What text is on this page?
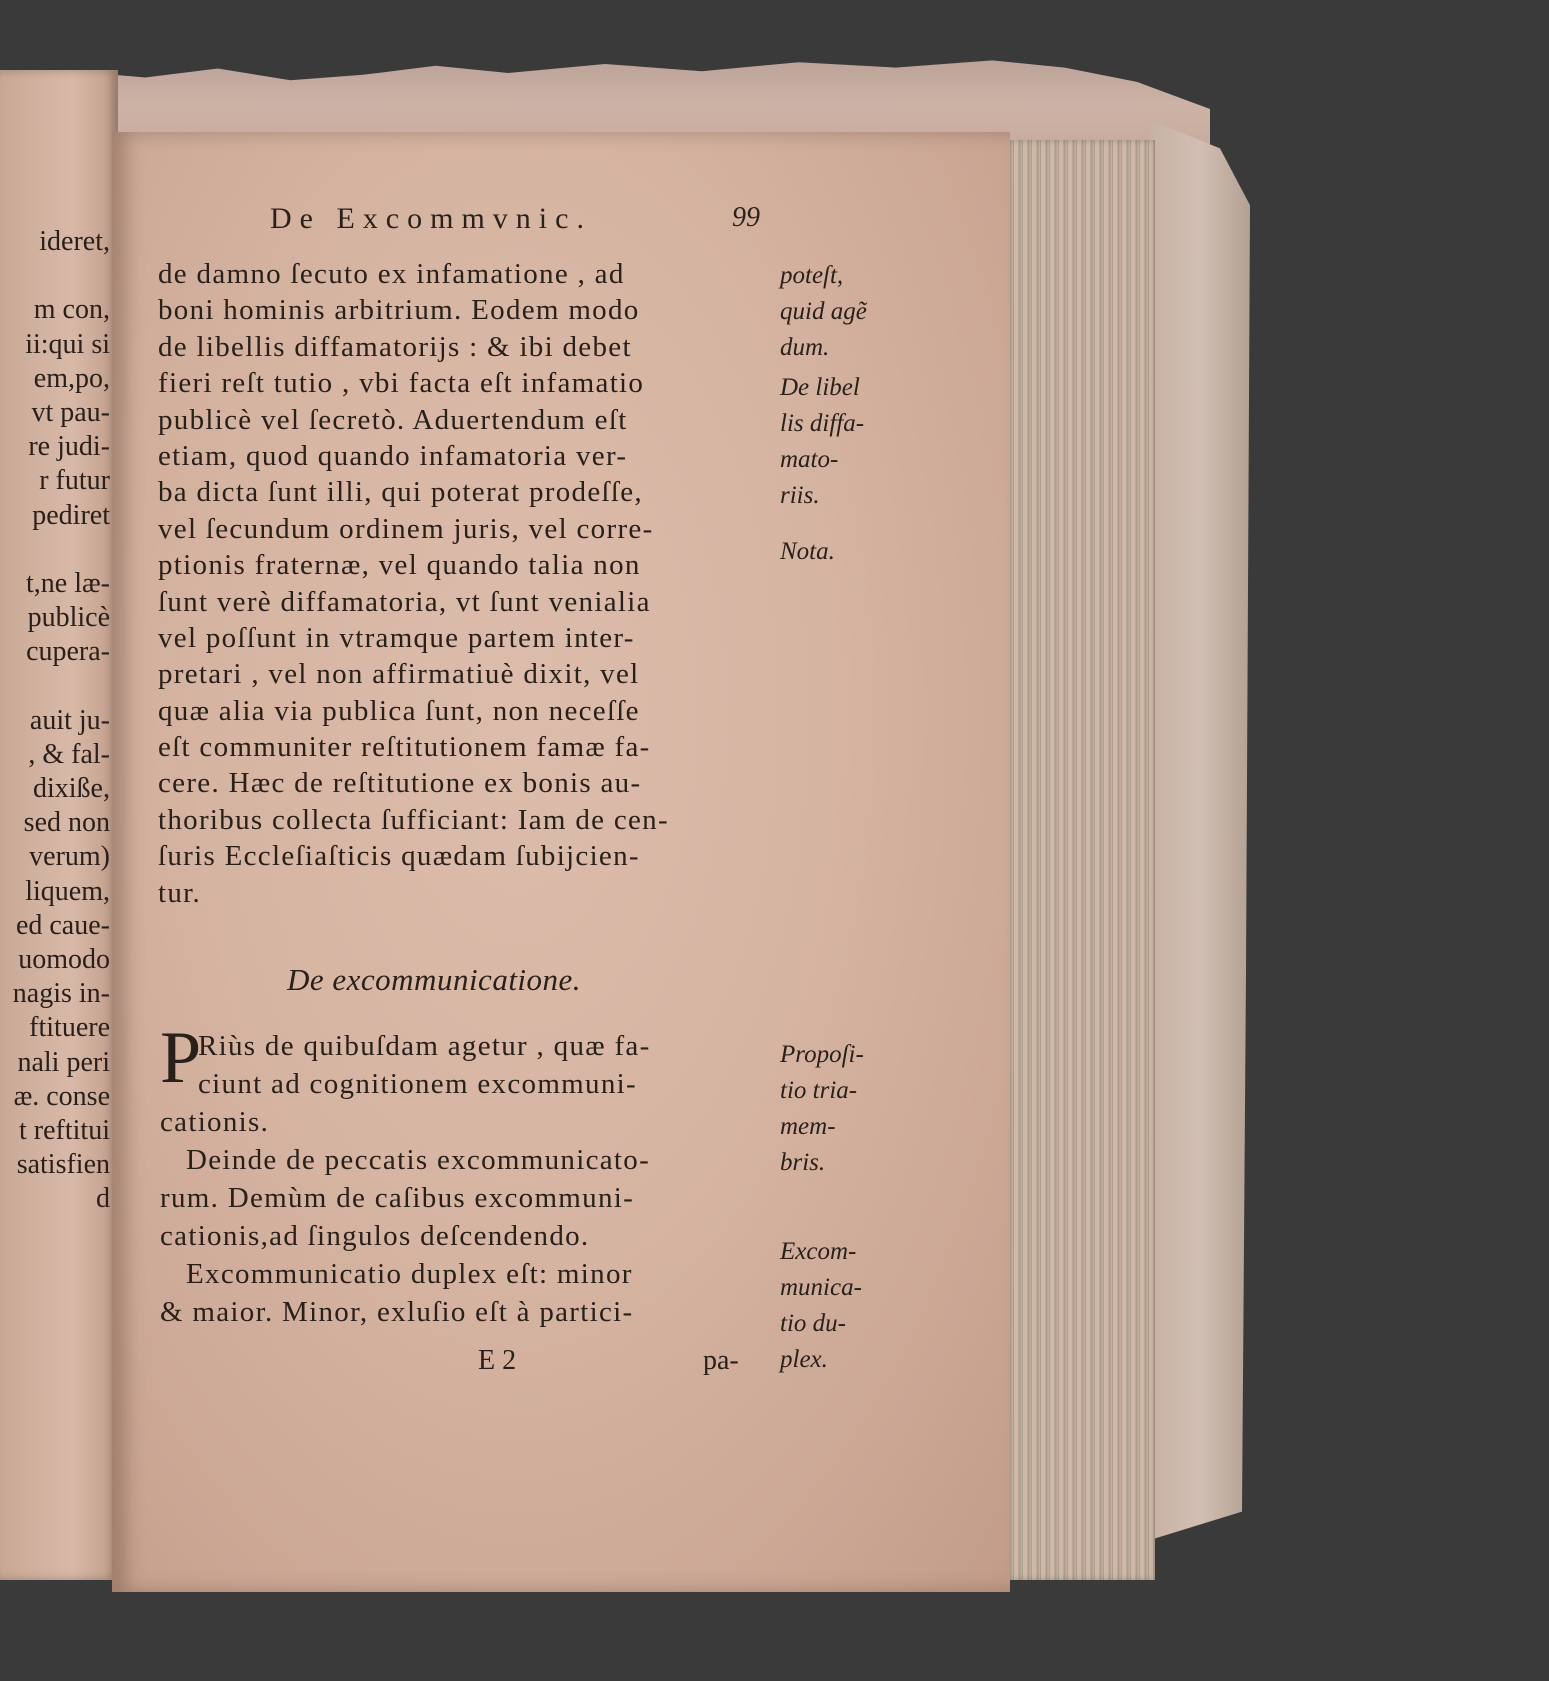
ideret,
m con,
ii:qui si
em,po,
vt pau-
re judi-
r futur
pediret
t,ne læ-
publicè
cupera-
auit ju-
, & fal-
dixiße,
sed non
verum)
liquem,
ed caue-
uomodo
nagis in-
ftituere
nali peri
æ. conse
t reftitui
satisfien
d
De Excommvnic.	99
de damno ſecuto ex infamatione , ad
boni hominis arbitrium. Eodem modo
de libellis diffamatorijs : & ibi debet
fieri reſt tutio , vbi facta eſt infamatio
publicè vel ſecretò. Aduertendum eſt
etiam, quod quando infamatoria ver-
ba dicta ſunt illi, qui poterat prodeſſe,
vel ſecundum ordinem juris, vel corre-
ptionis fraternæ, vel quando talia non
ſunt verè diffamatoria, vt ſunt venialia
vel poſſunt in vtramque partem inter-
pretari , vel non affirmatiuè dixit, vel
quæ alia via publica ſunt, non neceſſe
eſt communiter reſtitutionem famæ fa-
cere. Hæc de reſtitutione ex bonis au-
thoribus collecta ſufficiant: Iam de cen-
ſuris Eccleſiaſticis quædam ſubijcien-
tur.
De excommunicatione.
P
Riùs de quibuſdam agetur , quæ fa-
ciunt ad cognitionem excommuni-
cationis.
Deinde de peccatis excommunicato-
rum. Demùm de caſibus excommuni-
cationis,ad ſingulos deſcendendo.
Excommunicatio duplex eſt: minor
& maior. Minor, exluſio eſt à partici-
E 2	pa-
poteſt,
quid agẽ
dum.
De libel
lis diffa-
mato-
riis.
Nota.
Propoſi-
tio tria-
mem-
bris.
Excom-
munica-
tio du-
plex.
